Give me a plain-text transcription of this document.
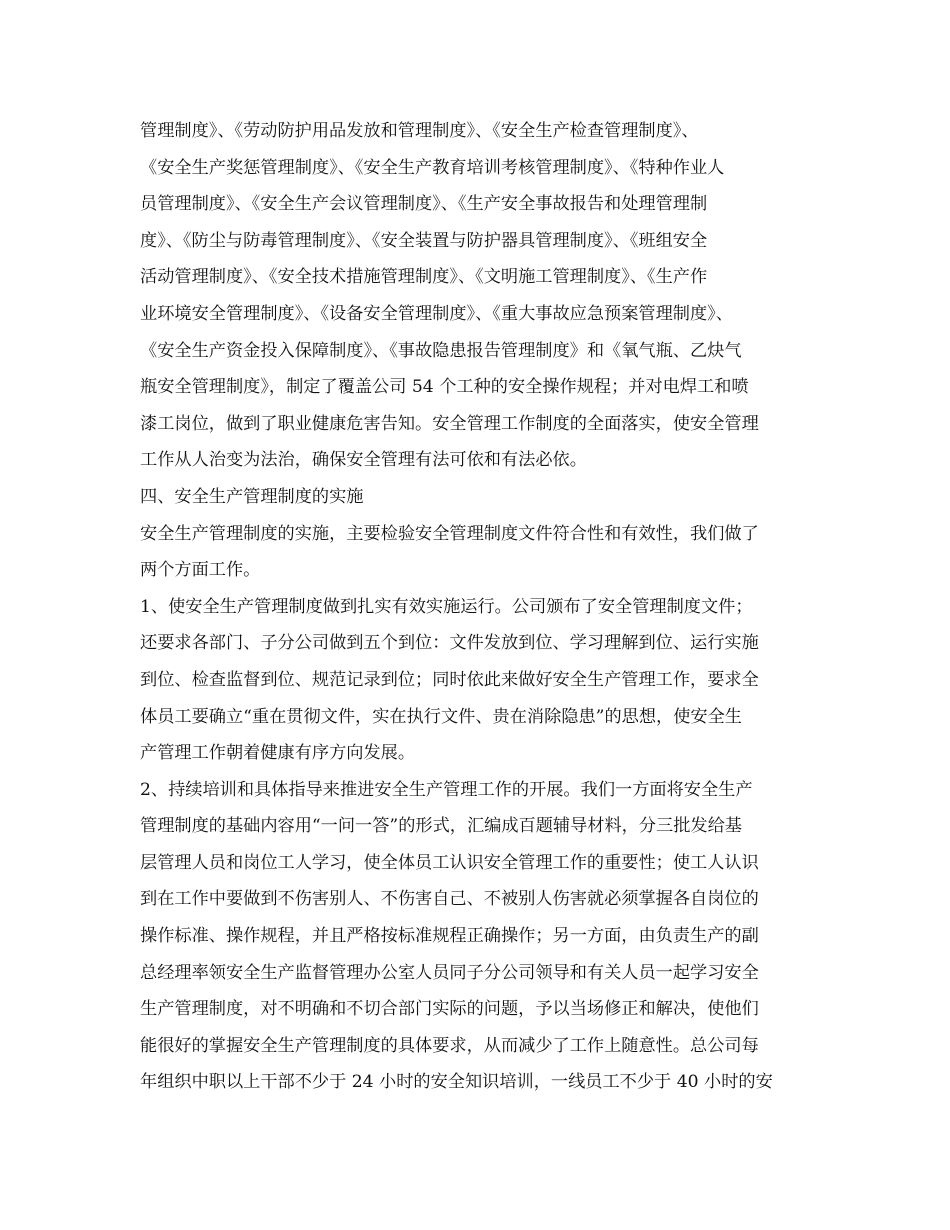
管理制度》、《劳动防护用品发放和管理制度》、《安全生产检查管理制度》、
《安全生产奖惩管理制度》、《安全生产教育培训考核管理制度》、《特种作业人
员管理制度》、《安全生产会议管理制度》、《生产安全事故报告和处理管理制
度》、《防尘与防毒管理制度》、《安全装置与防护器具管理制度》、《班组安全
活动管理制度》、《安全技术措施管理制度》、《文明施工管理制度》、《生产作
业环境安全管理制度》、《设备安全管理制度》、《重大事故应急预案管理制度》、
《安全生产资金投入保障制度》、《事故隐患报告管理制度》和《氧气瓶、乙炔气
瓶安全管理制度》，制定了覆盖公司 54 个工种的安全操作规程；并对电焊工和喷
漆工岗位，做到了职业健康危害告知。安全管理工作制度的全面落实，使安全管理
工作从人治变为法治，确保安全管理有法可依和有法必依。
四、安全生产管理制度的实施
安全生产管理制度的实施，主要检验安全管理制度文件符合性和有效性，我们做了
两个方面工作。
1、使安全生产管理制度做到扎实有效实施运行。公司颁布了安全管理制度文件；
还要求各部门、子分公司做到五个到位：文件发放到位、学习理解到位、运行实施
到位、检查监督到位、规范记录到位；同时依此来做好安全生产管理工作，要求全
体员工要确立“重在贯彻文件，实在执行文件、贵在消除隐患”的思想，使安全生
产管理工作朝着健康有序方向发展。
2、持续培训和具体指导来推进安全生产管理工作的开展。我们一方面将安全生产
管理制度的基础内容用“一问一答”的形式，汇编成百题辅导材料，分三批发给基
层管理人员和岗位工人学习，使全体员工认识安全管理工作的重要性；使工人认识
到在工作中要做到不伤害别人、不伤害自己、不被别人伤害就必须掌握各自岗位的
操作标准、操作规程，并且严格按标准规程正确操作；另一方面，由负责生产的副
总经理率领安全生产监督管理办公室人员同子分公司领导和有关人员一起学习安全
生产管理制度，对不明确和不切合部门实际的问题，予以当场修正和解决，使他们
能很好的掌握安全生产管理制度的具体要求，从而减少了工作上随意性。总公司每
年组织中职以上干部不少于 24 小时的安全知识培训，一线员工不少于 40 小时的安
